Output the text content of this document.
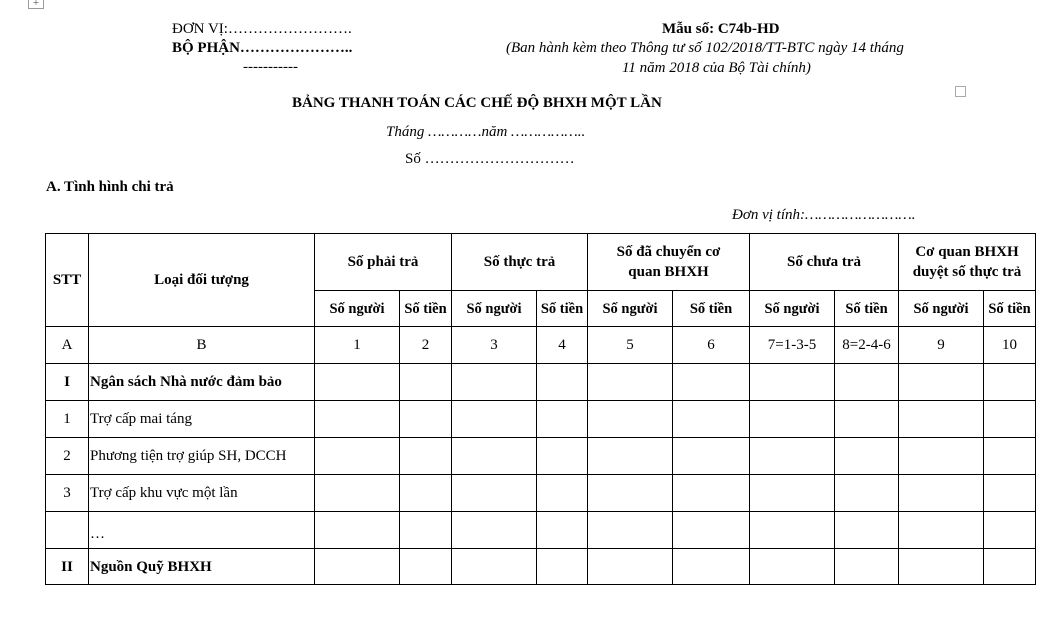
+
ĐƠN VỊ:…………………….
BỘ PHẬN…………………..
-----------
Mẫu số: C74b-HD
(Ban hành kèm theo Thông tư số 102/2018/TT-BTC ngày 14 tháng
11 năm 2018 của Bộ Tài chính)
BẢNG THANH TOÁN CÁC CHẾ ĐỘ BHXH MỘT LẦN
Tháng …………năm ……………..
Số …………………………
A. Tình hình chi trả
Đơn vị tính:…………………….
STT	Loại đối tượng	Số phải trả		Số thực trả		Số đã chuyển cơ quan BHXH		Số chưa trả		Cơ quan BHXH duyệt số thực trả	
		Số người	Số tiền	Số người	Số tiền	Số người	Số tiền	Số người	Số tiền	Số người	Số tiền
A	B	1	2	3	4	5	6	7=1-3-5	8=2-4-6	9	10
I	Ngân sách Nhà nước đảm bảo										
1	Trợ cấp mai táng										
2	Phương tiện trợ giúp SH, DCCH										
3	Trợ cấp khu vực một lần										
	…										
II	Nguồn Quỹ BHXH										
